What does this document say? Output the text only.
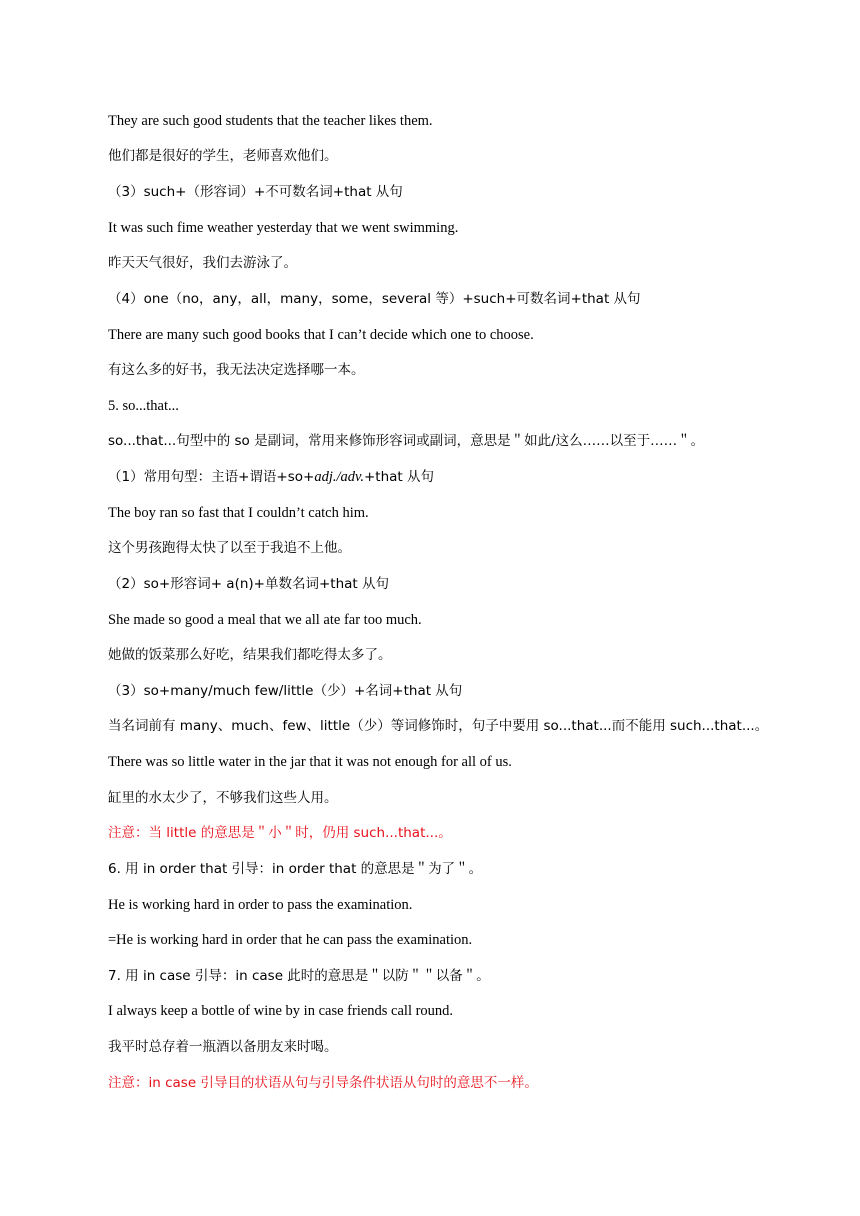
They are such good students that the teacher likes them.
他们都是很好的学生，老师喜欢他们。
（3）such+（形容词）+不可数名词+that 从句
It was such fime weather yesterday that we went swimming.
昨天天气很好，我们去游泳了。
（4）one（no，any，all，many，some，several 等）+such+可数名词+that 从句
There are many such good books that I can’t decide which one to choose.
有这么多的好书，我无法决定选择哪一本。
5. so...that...
so...that...句型中的 so 是副词，常用来修饰形容词或副词，意思是＂如此/这么……以至于……＂。
（1）常用句型：主语+谓语+so+adj./adv.+that 从句
The boy ran so fast that I couldn’t catch him.
这个男孩跑得太快了以至于我追不上他。
（2）so+形容词+ a(n)+单数名词+that 从句
She made so good a meal that we all ate far too much.
她做的饭菜那么好吃，结果我们都吃得太多了。
（3）so+many/much few/little（少）+名词+that 从句
当名词前有 many、much、few、little（少）等词修饰时，句子中要用 so...that...而不能用 such...that...。
There was so little water in the jar that it was not enough for all of us.
缸里的水太少了，不够我们这些人用。
注意：当 little 的意思是＂小＂时，仍用 such...that...。
6. 用 in order that 引导：in order that 的意思是＂为了＂。
He is working hard in order to pass the examination.
=He is working hard in order that he can pass the examination.
7. 用 in case 引导：in case 此时的意思是＂以防＂＂以备＂。
I always keep a bottle of wine by in case friends call round.
我平时总存着一瓶酒以备朋友来时喝。
注意：in case 引导目的状语从句与引导条件状语从句时的意思不一样。
